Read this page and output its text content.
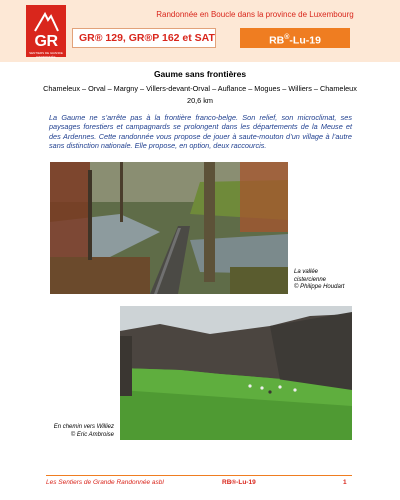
GR
SENTIERS DE GRANDE RANDONNÉE
Randonnée en Boucle dans la province de Luxembourg
GR® 129, GR®P 162 et SAT	RB®-Lu-19
Gaume sans frontières
Chameleux – Orval – Margny – Villers-devant-Orval – Auflance – Mogues – Williers – Chameleux
20,6 km

La Gaume ne s’arrête pas à la frontière franco-belge. Son relief, son microclimat, ses paysages forestiers et campagnards se prolongent dans les départements de la Meuse et des Ardennes. Cette randonnée vous propose de jouer à saute-mouton d’un village à l’autre sans distinction nationale. Elle propose, en option, deux raccourcis.

La vallée
cistercienne
© Philippe Houdart
En chemin vers Williez
© Eric Ambroise
Les Sentiers de Grande Randonnée asbl	RB®-Lu-19	1
